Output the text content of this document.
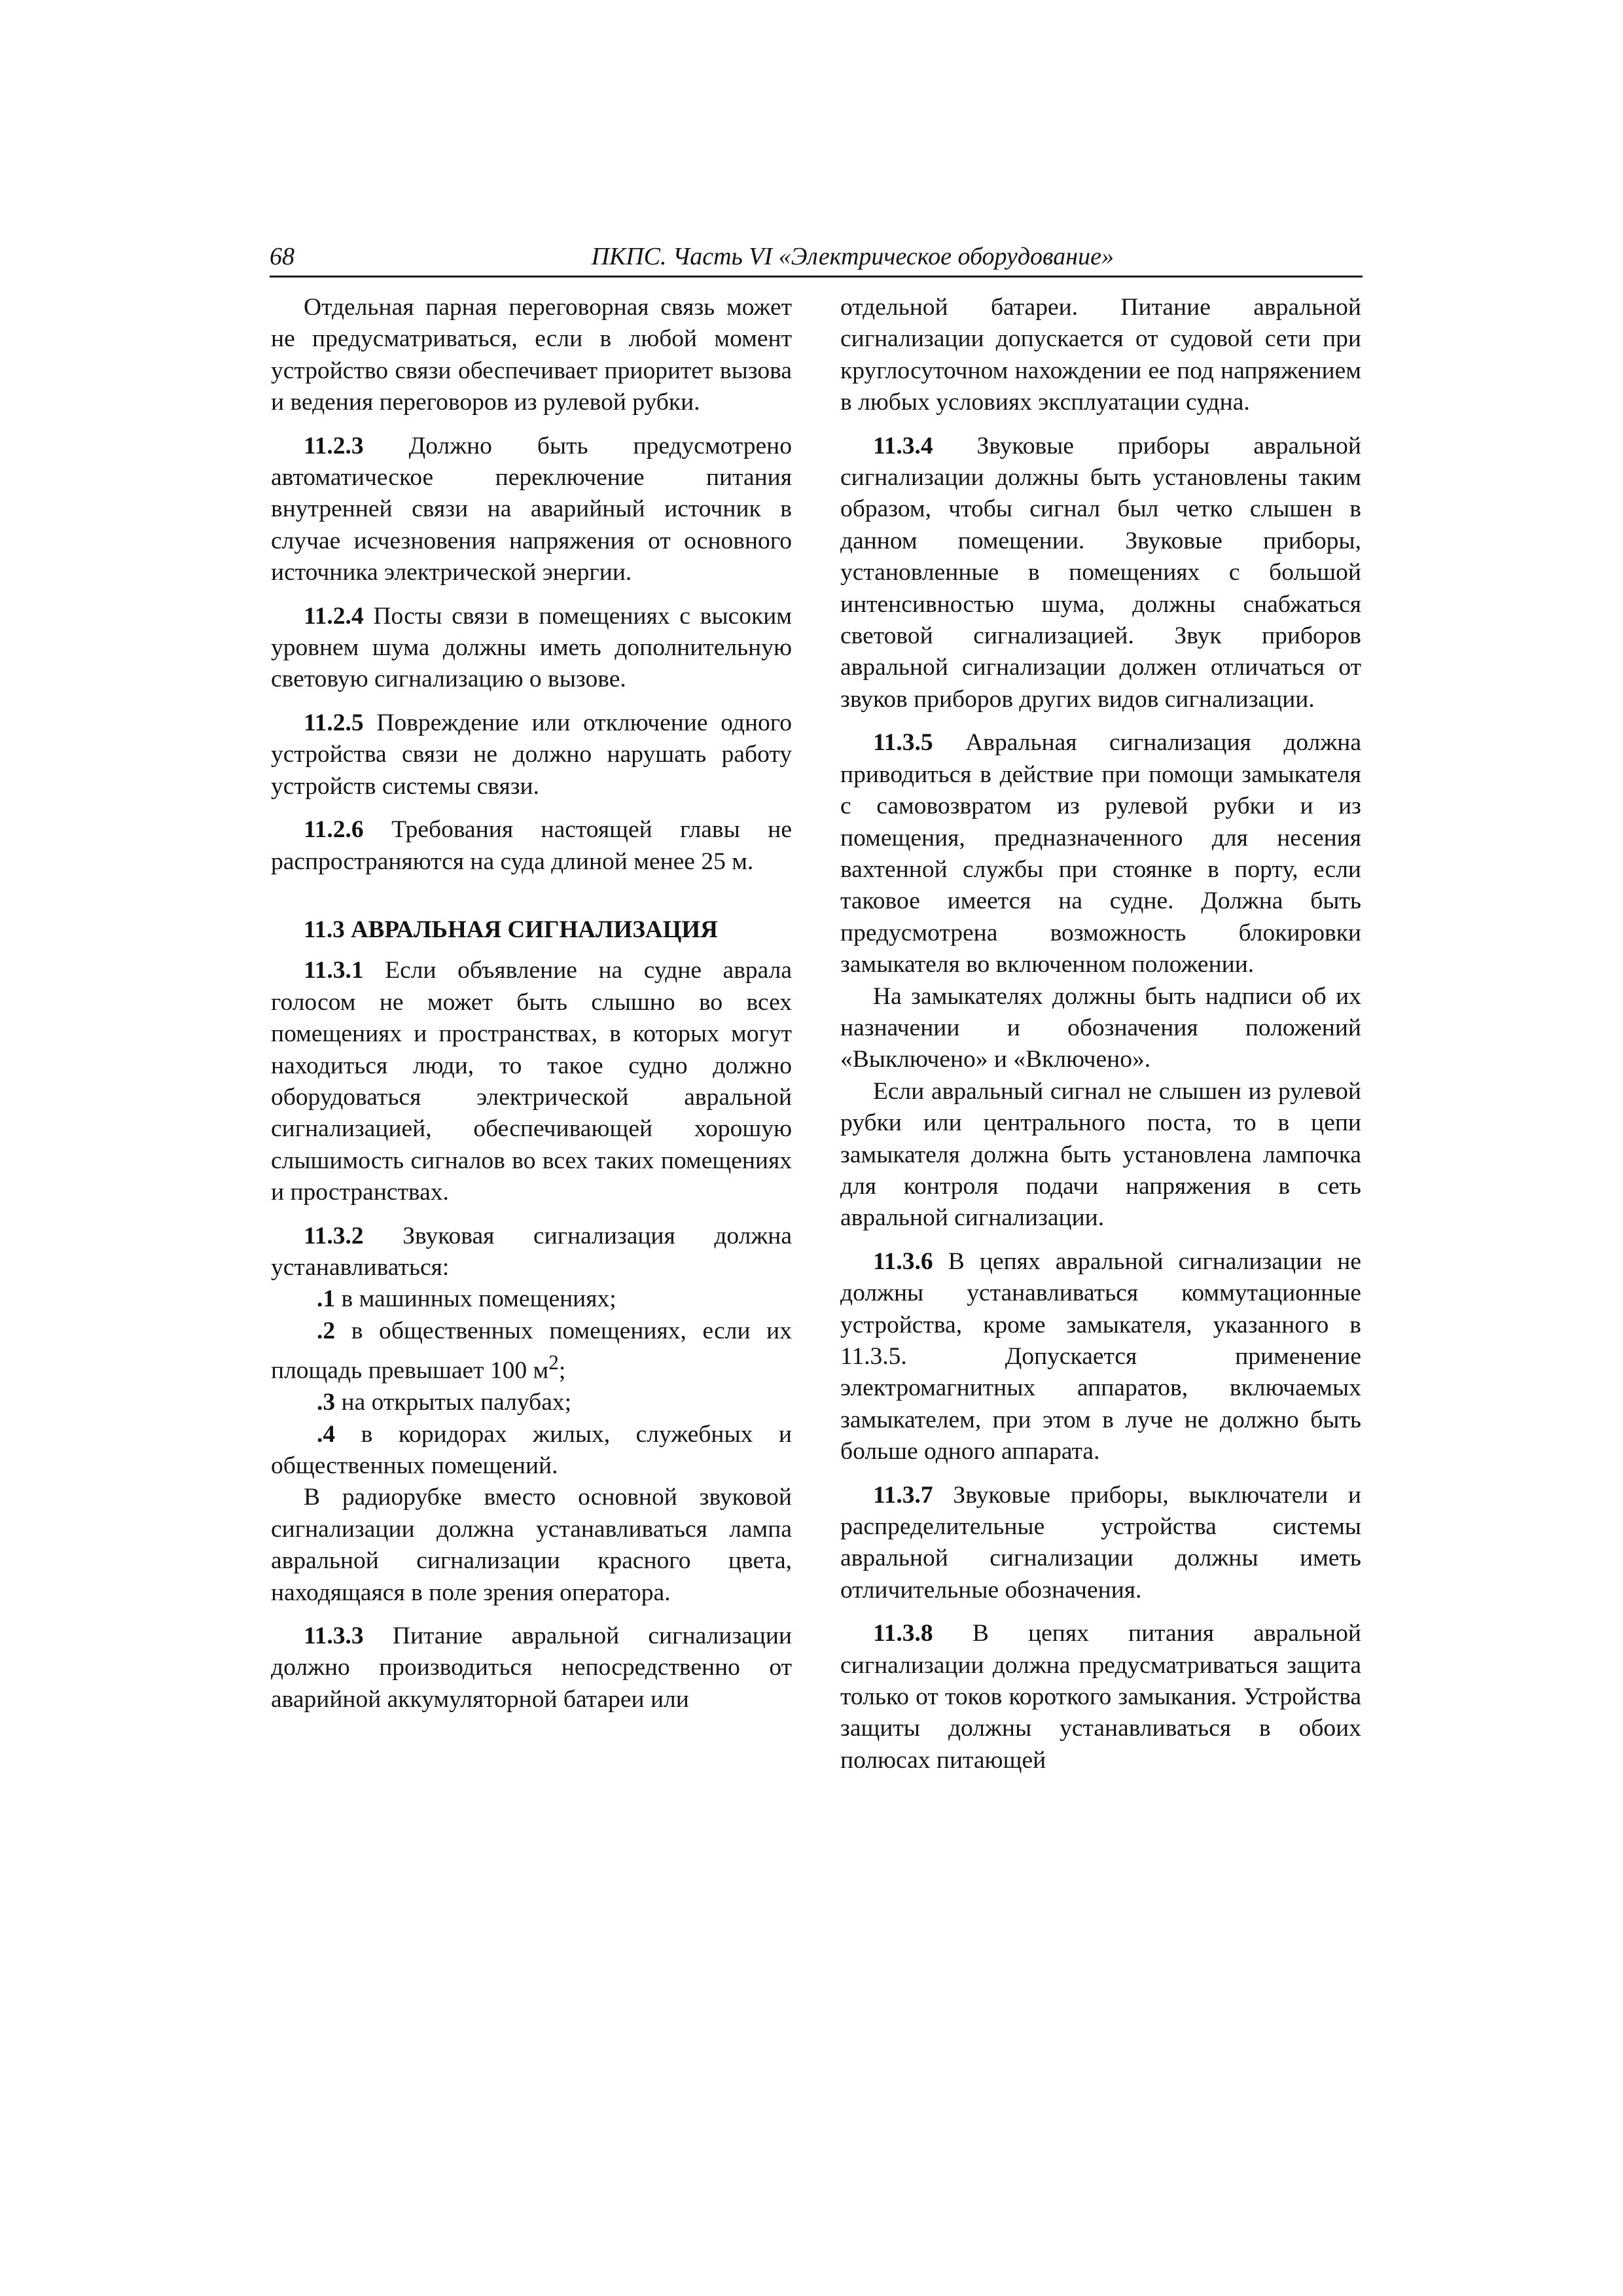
68	ПКПС. Часть VI «Электрическое оборудование»

Отдельная парная переговорная связь может не предусматриваться, если в любой момент устройство связи обеспечивает приоритет вызова и ведения переговоров из рулевой рубки.

11.2.3 Должно быть предусмотрено автоматическое переключение питания внутренней связи на аварийный источник в случае исчезновения напряжения от основного источника электрической энергии.

11.2.4 Посты связи в помещениях с высоким уровнем шума должны иметь дополнительную световую сигнализацию о вызове.

11.2.5 Повреждение или отключение одного устройства связи не должно нарушать работу устройств системы связи.

11.2.6 Требования настоящей главы не распространяются на суда длиной менее 25 м.

11.3 АВРАЛЬНАЯ СИГНАЛИЗАЦИЯ

11.3.1 Если объявление на судне аврала голосом не может быть слышно во всех помещениях и пространствах, в которых могут находиться люди, то такое судно должно оборудоваться электрической авральной сигнализацией, обеспечивающей хорошую слышимость сигналов во всех таких помещениях и пространствах.

11.3.2 Звуковая сигнализация должна устанавливаться:

.1 в машинных помещениях;

.2 в общественных помещениях, если их площадь превышает 100 $м^2$;

.3 на открытых палубах;

.4 в коридорах жилых, служебных и общественных помещений.

В радиорубке вместо основной звуковой сигнализации должна устанавливаться лампа авральной сигнализации красного цвета, находящаяся в поле зрения оператора.

11.3.3 Питание авральной сигнализации должно производиться непосредственно от аварийной аккумуляторной батареи или

отдельной батареи. Питание авральной сигнализации допускается от судовой сети при круглосуточном нахождении ее под напряжением в любых условиях эксплуатации судна.

11.3.4 Звуковые приборы авральной сигнализации должны быть установлены таким образом, чтобы сигнал был четко слышен в данном помещении. Звуковые приборы, установленные в помещениях с большой интенсивностью шума, должны снабжаться световой сигнализацией. Звук приборов авральной сигнализации должен отличаться от звуков приборов других видов сигнализации.

11.3.5 Авральная сигнализация должна приводиться в действие при помощи замыкателя с самовозвратом из рулевой рубки и из помещения, предназначенного для несения вахтенной службы при стоянке в порту, если таковое имеется на судне. Должна быть предусмотрена возможность блокировки замыкателя во включенном положении.

На замыкателях должны быть надписи об их назначении и обозначения положений «Выключено» и «Включено».

Если авральный сигнал не слышен из рулевой рубки или центрального поста, то в цепи замыкателя должна быть установлена лампочка для контроля подачи напряжения в сеть авральной сигнализации.

11.3.6 В цепях авральной сигнализации не должны устанавливаться коммутационные устройства, кроме замыкателя, указанного в 11.3.5. Допускается применение электромагнитных аппаратов, включаемых замыкателем, при этом в луче не должно быть больше одного аппарата.

11.3.7 Звуковые приборы, выключатели и распределительные устройства системы авральной сигнализации должны иметь отличительные обозначения.

11.3.8 В цепях питания авральной сигнализации должна предусматриваться защита только от токов короткого замыкания. Устройства защиты должны устанавливаться в обоих полюсах питающей
